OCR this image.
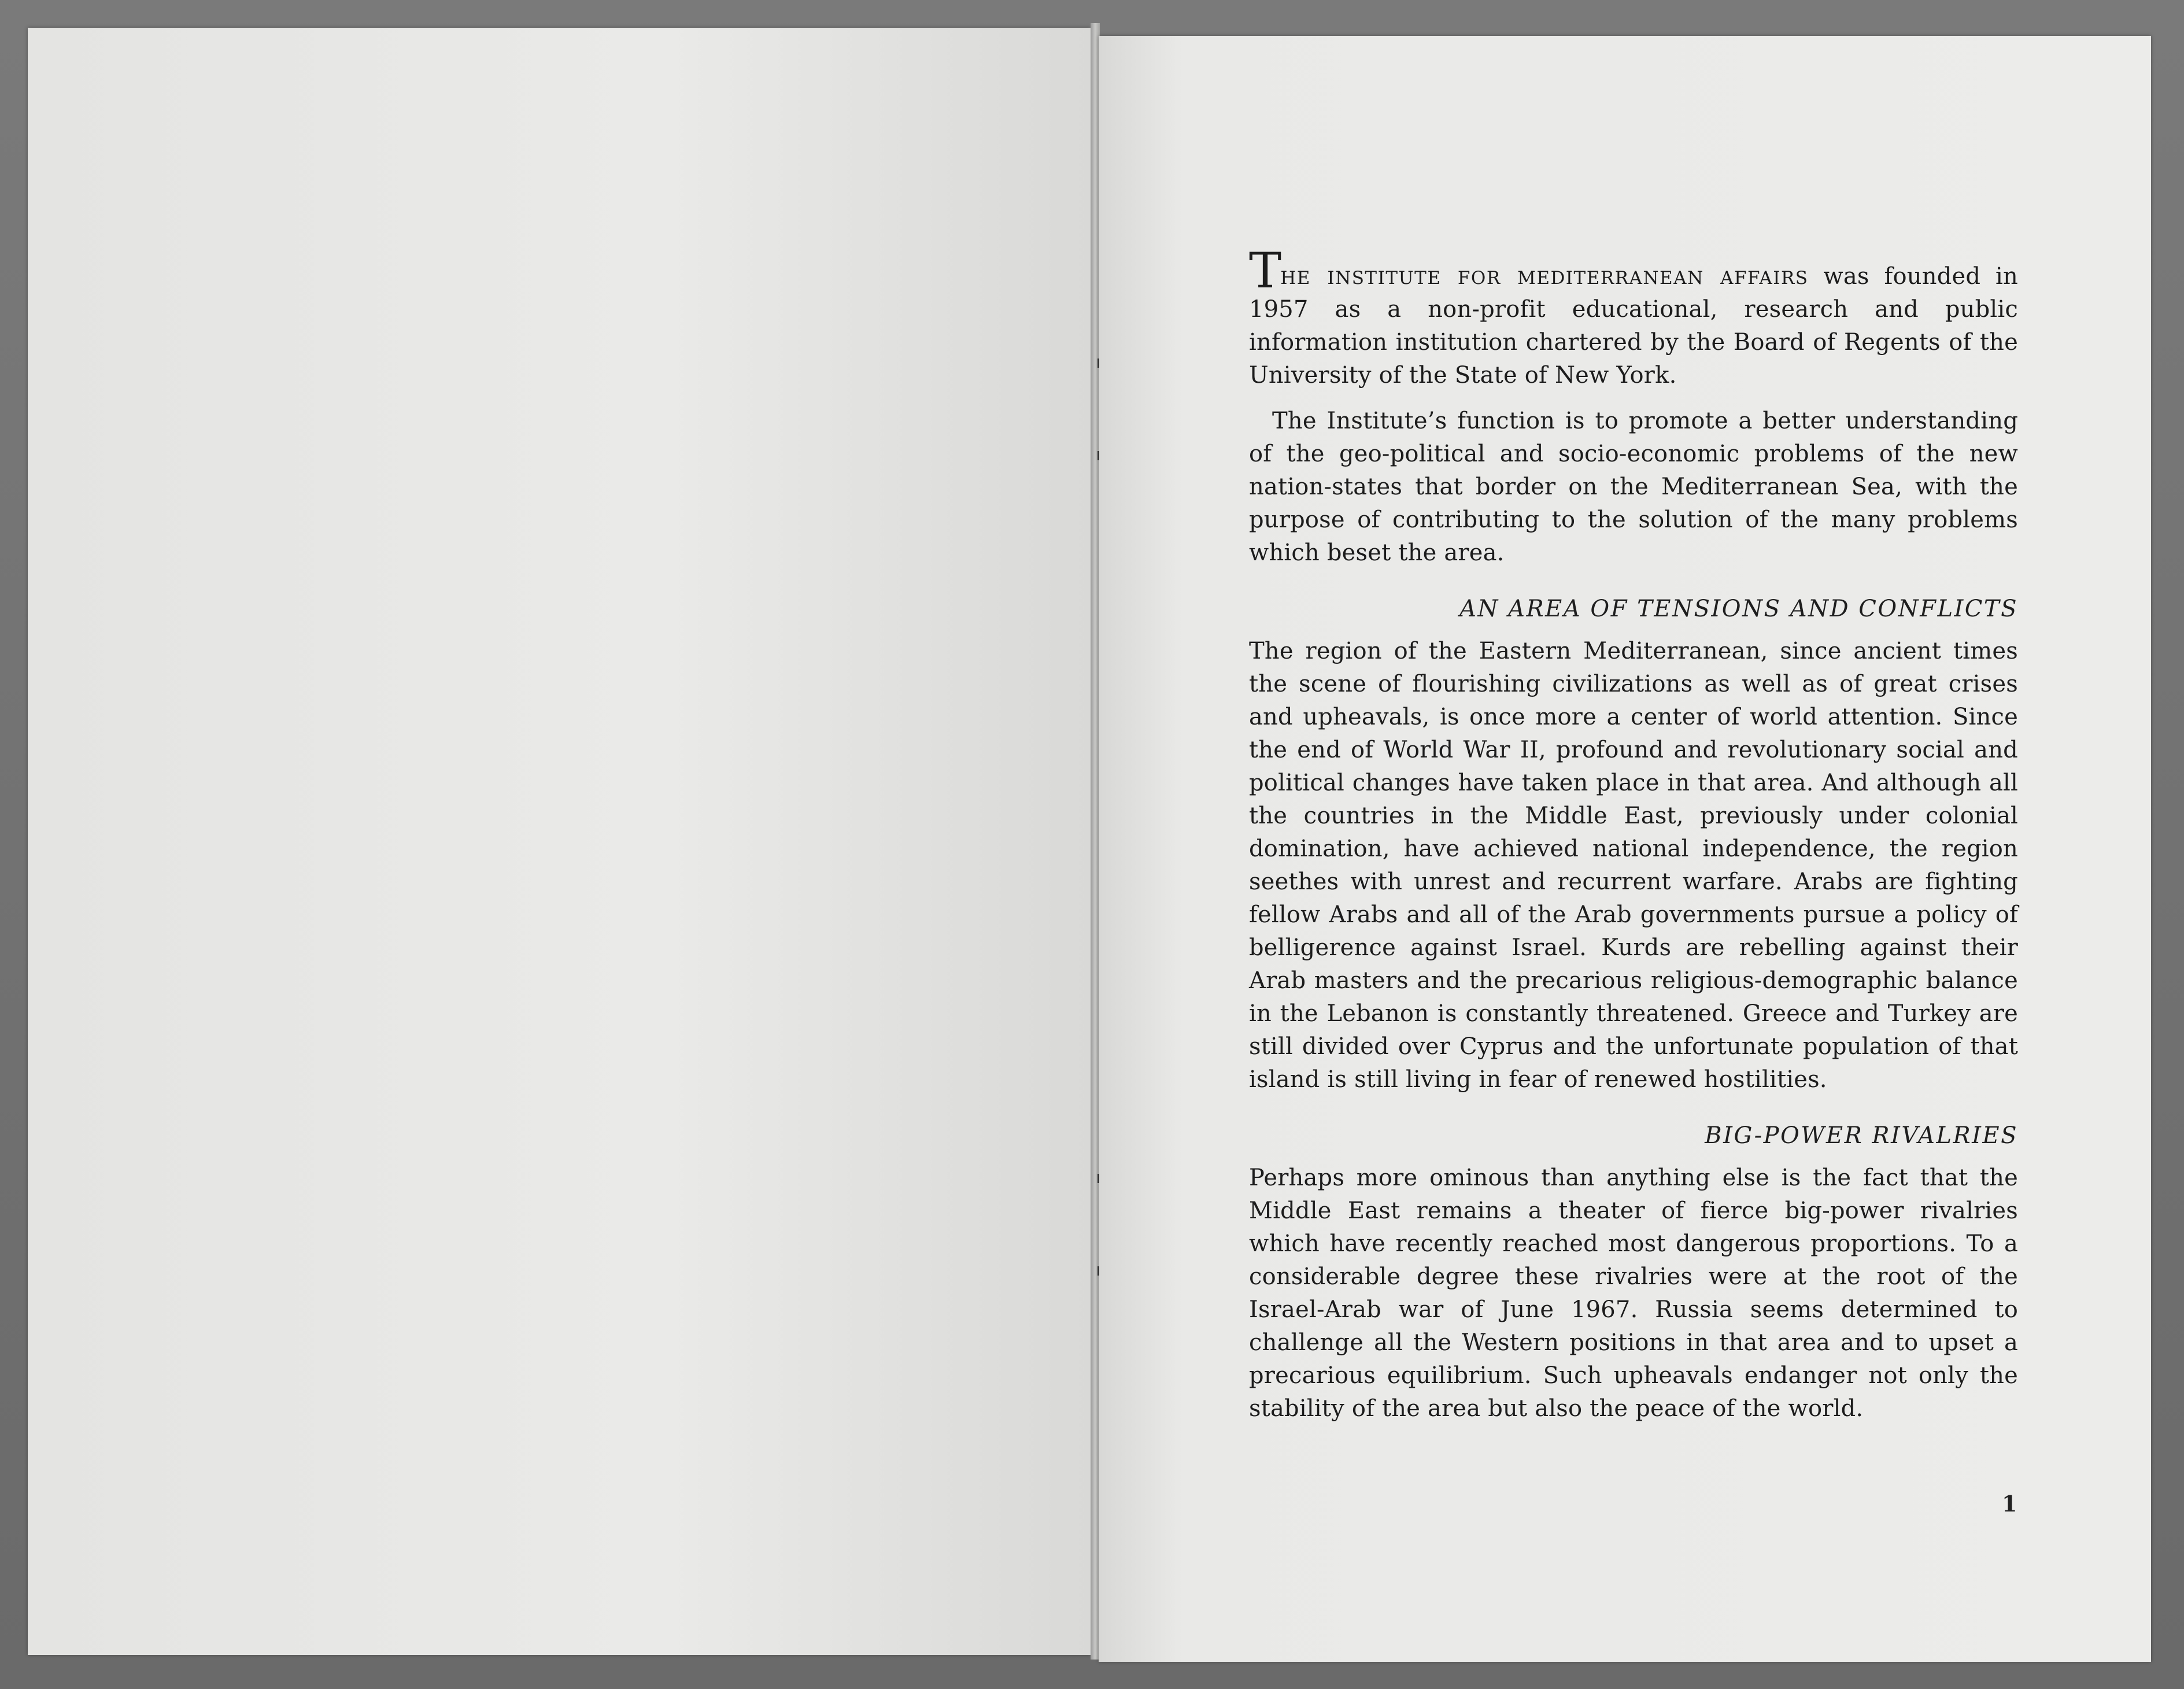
The institute for mediterranean affairs was founded in 1957 as a non-profit educational, research and public information institution chartered by the Board of Regents of the University of the State of New York.

The Institute’s function is to promote a better understanding of the geo-political and socio-economic problems of the new nation-states that border on the Mediterranean Sea, with the purpose of contributing to the solution of the many problems which beset the area.

AN AREA OF TENSIONS AND CONFLICTS

The region of the Eastern Mediterranean, since ancient times the scene of flourishing civilizations as well as of great crises and upheavals, is once more a center of world attention. Since the end of World War II, profound and revolutionary social and political changes have taken place in that area. And although all the countries in the Middle East, previously under colonial domination, have achieved national independence, the region seethes with unrest and recurrent warfare. Arabs are fighting fellow Arabs and all of the Arab governments pursue a policy of belligerence against Israel. Kurds are rebelling against their Arab masters and the precarious religious-demographic balance in the Lebanon is constantly threatened. Greece and Turkey are still divided over Cyprus and the unfortunate population of that island is still living in fear of renewed hostilities.

BIG-POWER RIVALRIES

Perhaps more ominous than anything else is the fact that the Middle East remains a theater of fierce big-power rivalries which have recently reached most dangerous proportions. To a considerable degree these rivalries were at the root of the Israel-Arab war of June 1967. Russia seems determined to challenge all the Western positions in that area and to upset a precarious equilibrium. Such upheavals endanger not only the stability of the area but also the peace of the world.

1
